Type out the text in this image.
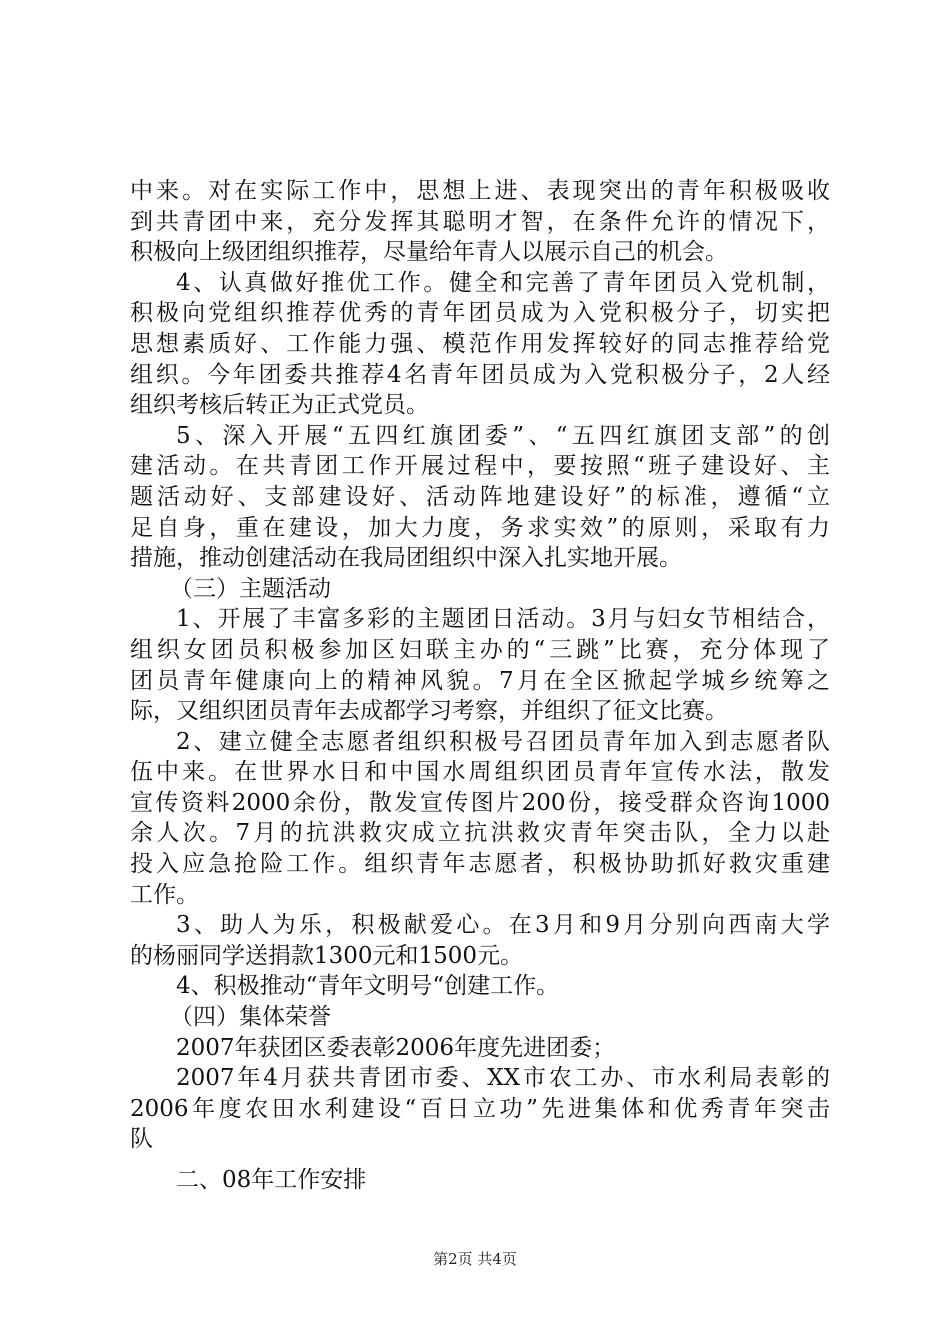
中来。对在实际工作中，思想上进、表现突出的青年积极吸收
到共青团中来，充分发挥其聪明才智，在条件允许的情况下，
积极向上级团组织推荐，尽量给年青人以展示自己的机会。
4、认真做好推优工作。健全和完善了青年团员入党机制，
积极向党组织推荐优秀的青年团员成为入党积极分子，切实把
思想素质好、工作能力强、模范作用发挥较好的同志推荐给党
组织。今年团委共推荐4名青年团员成为入党积极分子，2人经
组织考核后转正为正式党员。
5、深入开展“五四红旗团委”、“五四红旗团支部”的创
建活动。在共青团工作开展过程中，要按照“班子建设好、主
题活动好、支部建设好、活动阵地建设好”的标准，遵循“立
足自身，重在建设，加大力度，务求实效”的原则，采取有力
措施，推动创建活动在我局团组织中深入扎实地开展。
（三）主题活动
1、开展了丰富多彩的主题团日活动。3月与妇女节相结合，
组织女团员积极参加区妇联主办的“三跳”比赛，充分体现了
团员青年健康向上的精神风貌。7月在全区掀起学城乡统筹之
际，又组织团员青年去成都学习考察，并组织了征文比赛。
2、建立健全志愿者组织积极号召团员青年加入到志愿者队
伍中来。在世界水日和中国水周组织团员青年宣传水法，散发
宣传资料2000余份，散发宣传图片200份，接受群众咨询1000
余人次。7月的抗洪救灾成立抗洪救灾青年突击队，全力以赴
投入应急抢险工作。组织青年志愿者，积极协助抓好救灾重建
工作。
3、助人为乐，积极献爱心。在3月和9月分别向西南大学
的杨丽同学送捐款1300元和1500元。
4、积极推动“青年文明号“创建工作。
（四）集体荣誉
2007年获团区委表彰2006年度先进团委；
2007年4月获共青团市委、XX市农工办、市水利局表彰的
2006年度农田水利建设“百日立功”先进集体和优秀青年突击
队
二、08年工作安排
第2页 共4页
